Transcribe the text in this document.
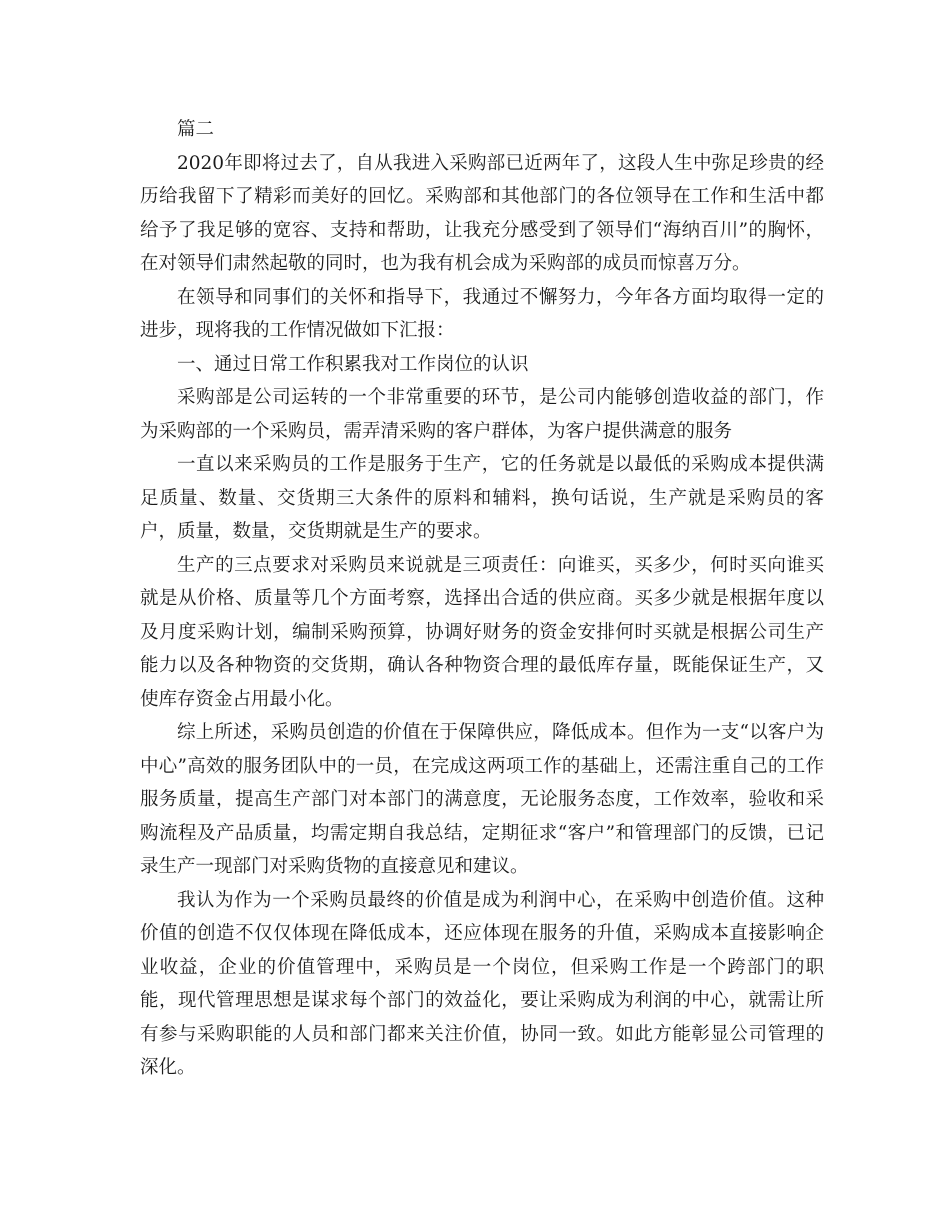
篇二

2020年即将过去了，自从我进入采购部已近两年了，这段人生中弥足珍贵的经历给我留下了精彩而美好的回忆。采购部和其他部门的各位领导在工作和生活中都给予了我足够的宽容、支持和帮助，让我充分感受到了领导们“海纳百川”的胸怀，在对领导们肃然起敬的同时，也为我有机会成为采购部的成员而惊喜万分。

在领导和同事们的关怀和指导下，我通过不懈努力，今年各方面均取得一定的进步，现将我的工作情况做如下汇报：

一、通过日常工作积累我对工作岗位的认识

采购部是公司运转的一个非常重要的环节，是公司内能够创造收益的部门，作为采购部的一个采购员，需弄清采购的客户群体，为客户提供满意的服务

一直以来采购员的工作是服务于生产，它的任务就是以最低的采购成本提供满足质量、数量、交货期三大条件的原料和辅料，换句话说，生产就是采购员的客户，质量，数量，交货期就是生产的要求。

生产的三点要求对采购员来说就是三项责任：向谁买，买多少，何时买向谁买就是从价格、质量等几个方面考察，选择出合适的供应商。买多少就是根据年度以及月度采购计划，编制采购预算，协调好财务的资金安排何时买就是根据公司生产能力以及各种物资的交货期，确认各种物资合理的最低库存量，既能保证生产，又使库存资金占用最小化。

综上所述，采购员创造的价值在于保障供应，降低成本。但作为一支“以客户为中心”高效的服务团队中的一员，在完成这两项工作的基础上，还需注重自己的工作服务质量，提高生产部门对本部门的满意度，无论服务态度，工作效率，验收和采购流程及产品质量，均需定期自我总结，定期征求“客户”和管理部门的反馈，已记录生产一现部门对采购货物的直接意见和建议。

我认为作为一个采购员最终的价值是成为利润中心，在采购中创造价值。这种价值的创造不仅仅体现在降低成本，还应体现在服务的升值，采购成本直接影响企业收益，企业的价值管理中，采购员是一个岗位，但采购工作是一个跨部门的职能，现代管理思想是谋求每个部门的效益化，要让采购成为利润的中心，就需让所有参与采购职能的人员和部门都来关注价值，协同一致。如此方能彰显公司管理的深化。
